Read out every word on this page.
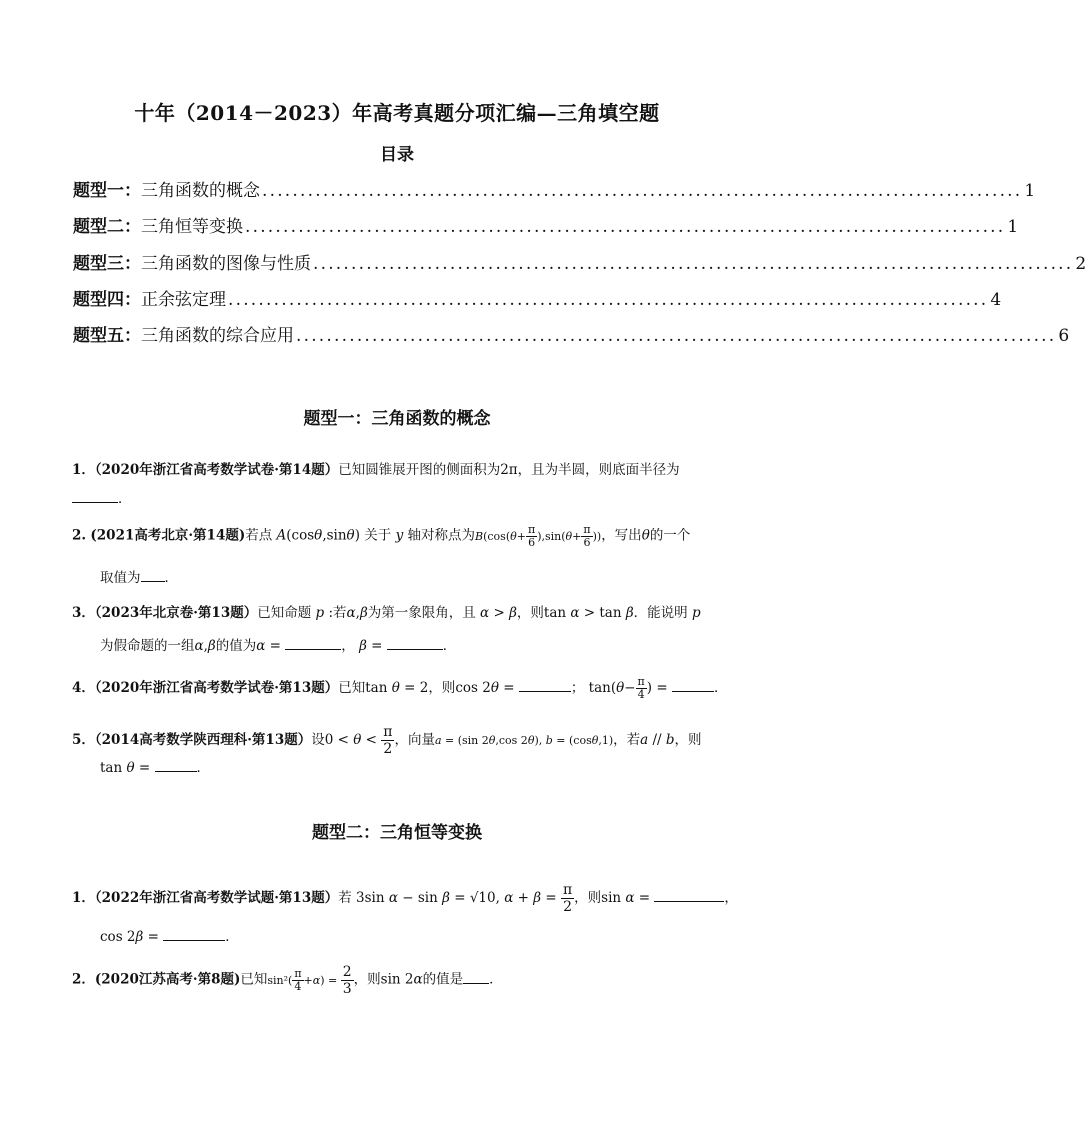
十年（2014－2023）年高考真题分项汇编—三角填空题
目录
题型一： 三角函数的概念 .................................................................................................... 1
题型二： 三角恒等变换 .................................................................................................... 1
题型三： 三角函数的图像与性质 .................................................................................................... 2
题型四： 正余弦定理 .................................................................................................... 4
题型五： 三角函数的综合应用 .................................................................................................... 6
题型一：三角函数的概念
1．（2020年浙江省高考数学试卷·第14题）已知圆锥展开图的侧面积为2π，且为半圆，则底面半径为
．
2. (2021高考北京·第14题)若点 A(cosθ,sinθ) 关于 y 轴对称点为$B(\cos(\theta+ \frac{\pi}{6} ),\sin(\theta+ \frac{\pi}{6}$ ))，写出θ的一个
取值为 ．
3．（2023年北京卷·第13题）已知命题 p :若α,β为第一象限角，且 α > β，则tan α > tan β．能说明 p
为假命题的一组α,β的值为α =	， β =	．
4．（2020年浙江省高考数学试卷·第13题）已知tan θ = 2，则cos 2θ =	； $\tan(\theta- \frac{\pi}{4}$ ) =	．
5．（2014高考数学陕西理科·第13题）设$0 < \theta < \frac{\pi}{2}$ ，向量a = (sin 2θ,cos 2θ), b = (cosθ,1)，若a // b，则
tan θ =	．
题型二：三角恒等变换
1．（2022年浙江省高考数学试题·第13题）若 3sin α − sin β = √10, $\alpha + \beta = \frac{\pi}{2}$ ，则sin α =	，
cos 2β =	．
2．(2020江苏高考·第8题)已知$\sin^2( \frac{\pi}{4} +\alpha) = \frac{2}{3}$ ，则sin 2α的值是 ．
